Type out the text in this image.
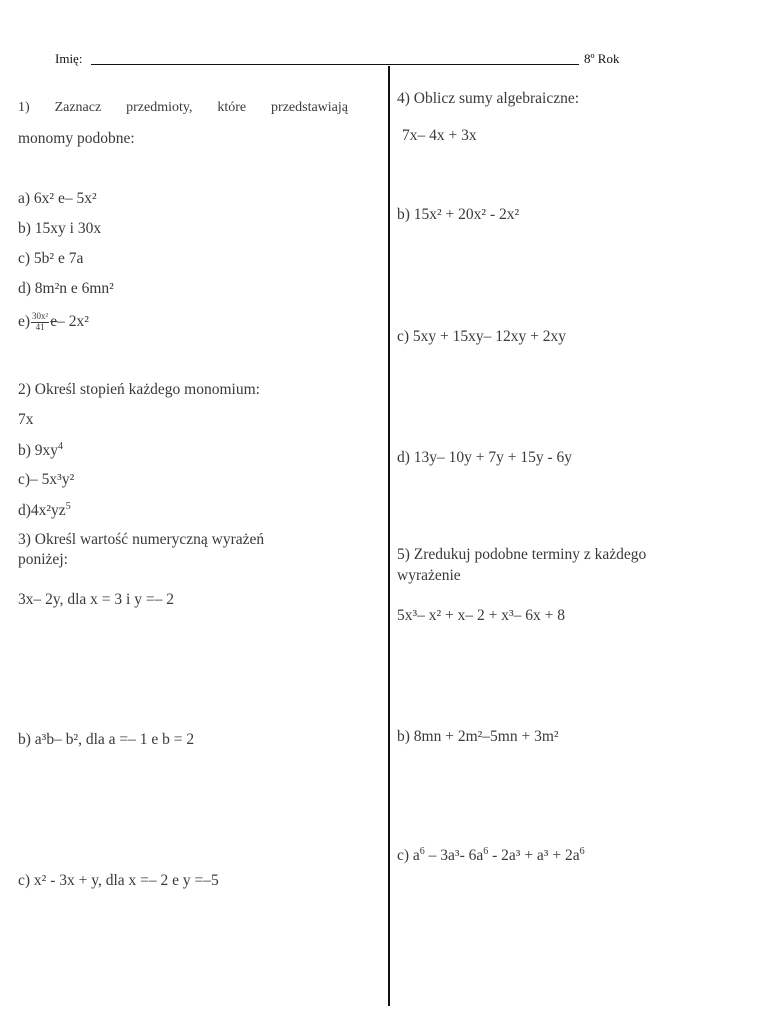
Imię:	8º Rok
1) Zaznacz przedmioty, które przedstawiają
monomy podobne:
a) 6x² e– 5x²
b) 15xy i 30x
c) 5b² e 7a
d) 8m²n e 6mn²
$e) \frac{\text{30x²}}{41} e-$ 2x²
2) Określ stopień każdego monomium:
7x
b) $9xy^4$
c)– 5x³y²
$d)4x^2yz^5$
3) Określ wartość numeryczną wyrażeń
poniżej:
3x– 2y, dla x = 3 i y =– 2
b) a³b– b², dla a =– 1 e b = 2
c) x² - 3x + y, dla x =– 2 e y =–5
4) Oblicz sumy algebraiczne:
7x– 4x + 3x
b) 15x² + 20x² - 2x²
c) 5xy + 15xy– 12xy + 2xy
d) 13y– 10y + 7y + 15y - 6y
5) Zredukuj podobne terminy z każdego
wyrażenie
5x³– x² + x– 2 + x³– 6x + 8
b) 8mn + 2m²–5mn + 3m²
c) $a^6 - 3a^3-$ $6a^6 - 2a^3 + a^3 + 2a^6$
